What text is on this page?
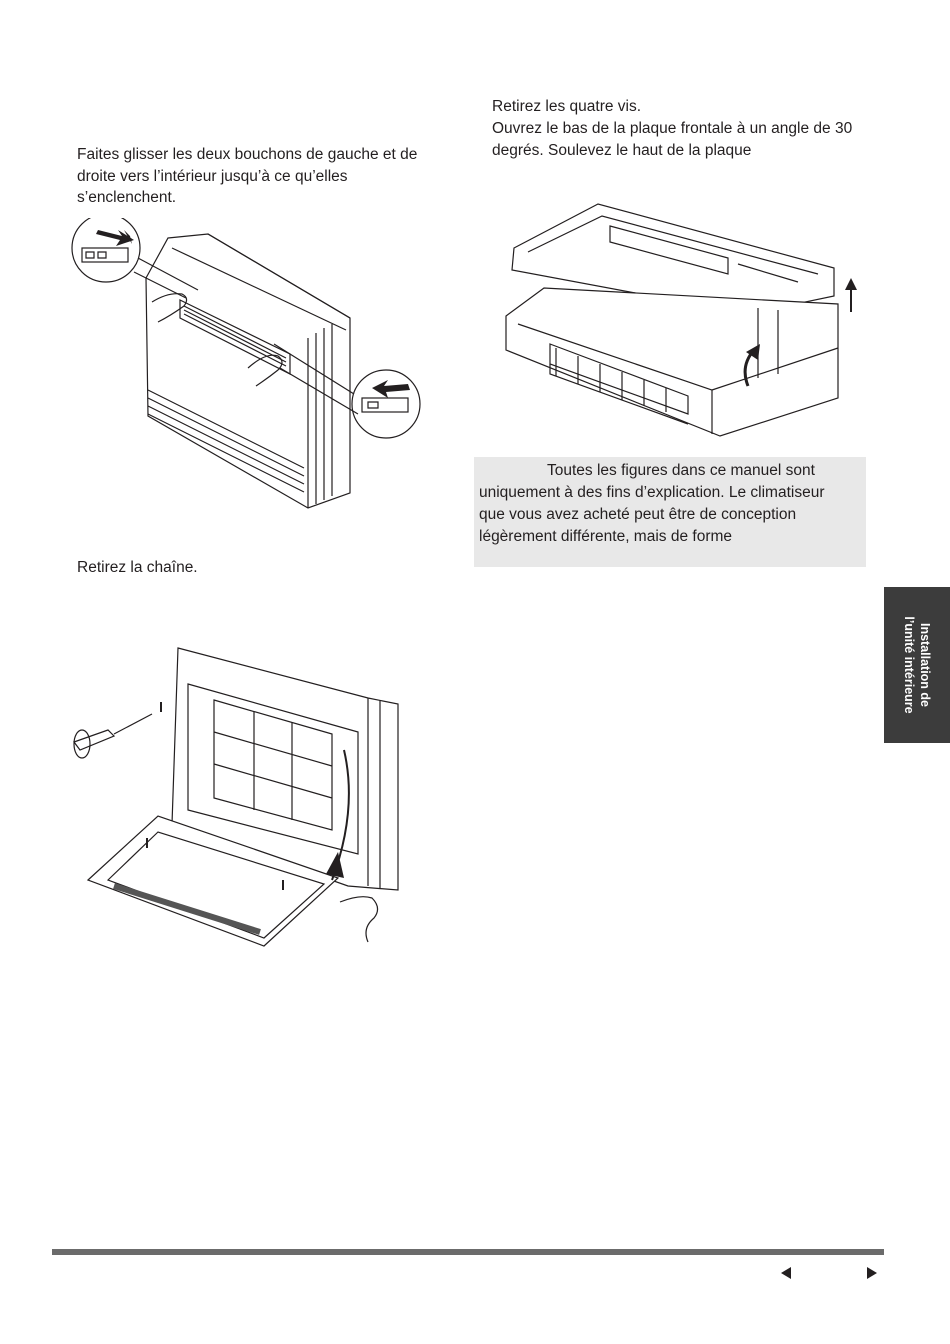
Faites glisser les deux bouchons de gauche et de droite vers l’intérieur jusqu’à ce qu’elles s’enclenchent.

Retirez la chaîne.

Retirez les quatre vis.

Ouvrez le bas de la plaque frontale à un angle de 30 degrés. Soulevez le haut de la plaque

Toutes les figures dans ce manuel sont uniquement à des fins d’explication. Le climatiseur que vous avez acheté peut être de conception légèrement différente, mais de forme

Installation de
l’unité intérieure
